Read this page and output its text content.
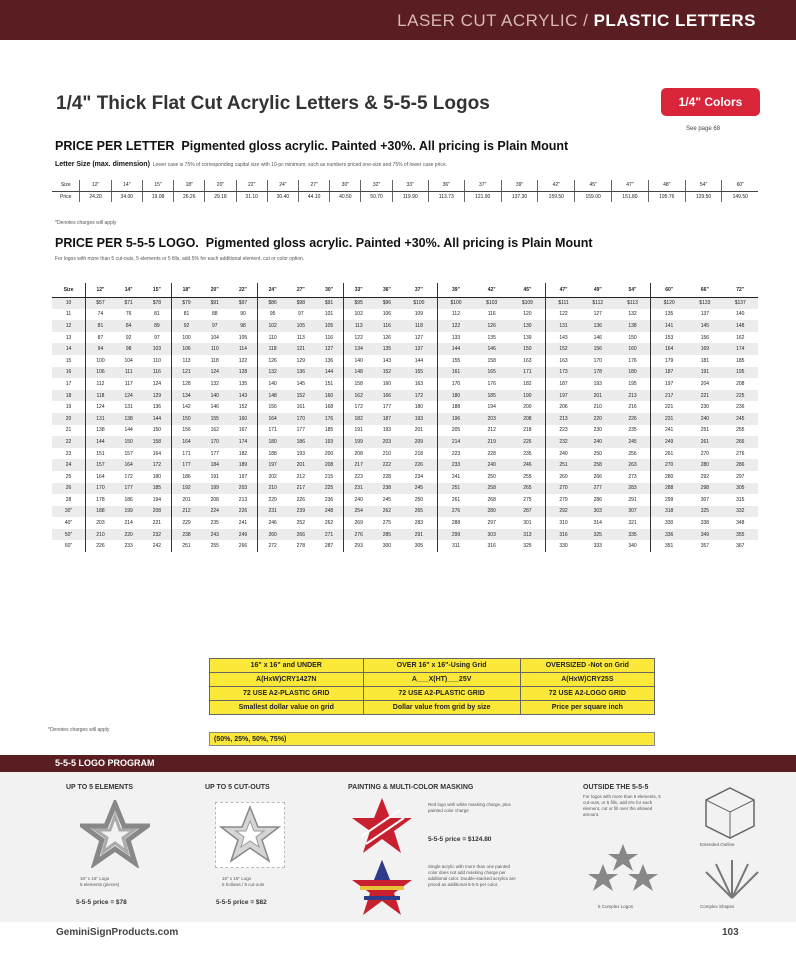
LASER CUT ACRYLIC / PLASTIC LETTERS
1/4" Thick Flat Cut Acrylic Letters & 5-5-5 Logos	1/4" Colors
See page 68
PRICE PER LETTER Pigmented gloss acrylic. Painted +30%. All pricing is Plain Mount
Letter Size (max. dimension) Lower case is 75% of corresponding capital size with 10-pc minimum; such as numbers priced one-size and 75% of lower case price.
Size	12"	14"	15"	18"	20"	22"	24"	27"	30"	32"	33"	36"	37"	39"	42"	45"	47"	48"	54"	60"
Price	24.20	34.00	19.08	26.26	29.18	31.10	30.40	44.10	40.50	50.70	119.90	113.73	121.90	137.30	159.50	159.00	151.80	195.76	129.50	149.50
*Denotes charges will apply
PRICE PER 5-5-5 LOGO. Pigmented gloss acrylic. Painted +30%. All pricing is Plain Mount
For logos with more than 5 cut-outs, 5 elements or 5 fills, add 5% for each additional element, cut or color option.
Size	12"	14"	15"	18"	20"	22"	24"	27"	30"	33"	36"	37"	39"	42"	45"	47"	49"	54"	60"	66"	72"
10	$57	$71	$78	$79	$91	$97	$86	$98	$91	$95	$96	$100	$100	$103	$109	$111	$112	$113	$120	$133	$137
11	74	76	81	81	88	90	95	97	101	102	106	109	112	116	120	122	127	132	135	137	140
12	81	84	89	92	97	98	102	105	105	113	116	118	122	126	130	131	136	138	141	145	148
13	87	92	97	100	104	105	110	113	116	122	126	127	133	135	139	143	146	150	153	156	162
14	94	98	103	106	110	114	118	121	127	134	135	137	144	146	150	152	156	160	164	169	174
15	100	104	110	113	118	122	126	129	136	140	143	144	155	158	163	163	170	176	179	181	185
16	106	111	116	121	124	128	132	136	144	148	152	155	161	165	171	173	178	180	187	191	195
17	112	117	124	128	132	135	140	145	151	158	160	163	170	176	182	187	193	195	197	204	208
18	118	124	129	134	140	143	148	152	160	162	166	172	180	185	190	197	201	213	217	221	225
19	124	131	136	142	146	152	156	161	168	172	177	180	188	194	200	206	210	216	221	230	236
20	131	138	144	150	155	160	164	170	176	182	187	193	196	203	208	213	220	226	231	240	245
21	138	144	150	156	162	167	171	177	185	191	193	201	205	212	218	223	230	235	241	251	255
22	144	150	158	164	170	174	180	186	193	199	203	209	214	219	226	232	240	245	249	261	266
23	151	157	164	171	177	182	188	193	200	208	210	218	223	228	235	240	250	256	261	270	276
24	157	164	172	177	184	189	197	201	208	217	222	226	233	240	246	251	258	263	270	280	286
25	164	172	180	186	191	197	202	212	215	223	228	234	241	250	255	260	266	273	280	292	297
26	170	177	185	192	199	203	210	217	225	231	238	245	251	258	265	270	277	283	288	298	305
28	178	186	194	201	208	213	220	226	236	240	245	250	261	268	275	279	286	291	299	307	315
30"	188	199	208	212	224	226	231	239	248	254	262	265	276	280	287	292	303	307	318	325	332
40"	203	214	221	229	235	241	246	252	262	269	275	283	288	297	301	310	314	321	330	338	348
50"	210	220	232	238	243	249	260	266	271	276	285	291	299	303	313	316	325	335	336	349	355
60"	226	233	242	251	255	266	272	278	287	293	300	305	311	316	325	330	333	340	351	357	367
16" x 16" and UNDER	OVER 16" x 16"-Using Grid	OVERSIZED -Not on Grid
A(HxW)CRY1427N	A___X(HT)___25V	A(HxW)CRY25S
72 USE A2-PLASTIC GRID	72 USE A2-PLASTIC GRID	72 USE A2-LOGO GRID
Smallest dollar value on grid	Dollar value from grid by size	Price per square inch
(50%, 25%, 50%, 75%)
*Denotes charges will apply
5-5-5 LOGO PROGRAM
UP TO 5 ELEMENTS
16" x 16" Logo
5 elements (pieces)
5-5-5 price = $78
UP TO 5 CUT-OUTS
16" x 16" Logo
5 hollows / 5 cut-outs
5-5-5 price = $82
PAINTING & MULTI-COLOR MASKING
Red logo with white masking charge, plus painted color charge
5-5-5 price = $124.80
Single acrylic with more than one painted color does not add masking charge per additional color. Double-stacked acrylics are priced as additional 5-5-5 per color.
OUTSIDE THE 5-5-5
For logos with more than 5 elements, 5 cut-outs, or 5 fills, add 5% for each element, cut or fill over the allowed amount.
5 Complex Logos
Extended Outline
Complex Shapes
GeminiSignProducts.com	103
